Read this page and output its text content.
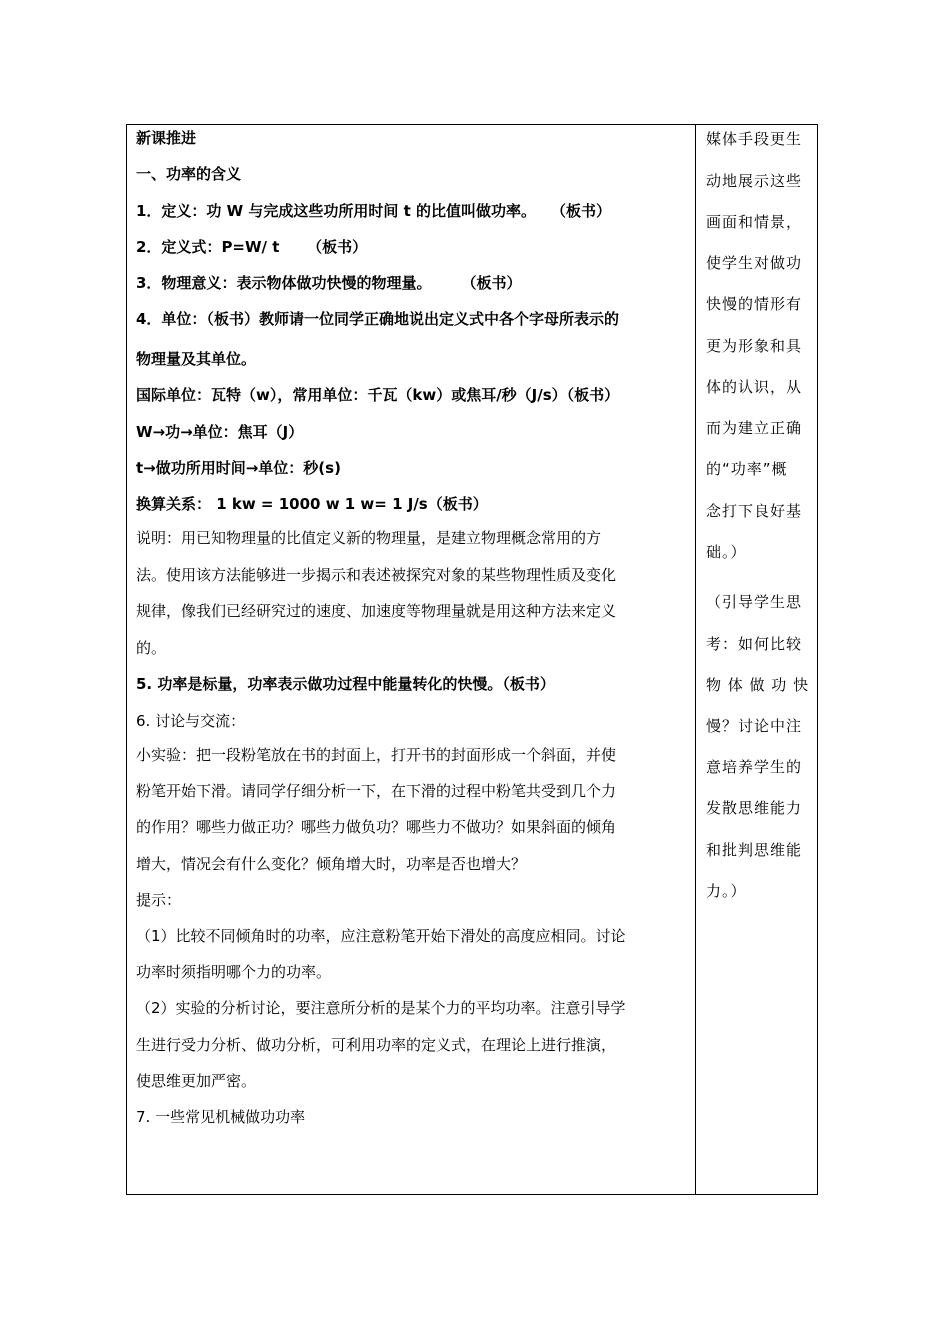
新课推进
一、功率的含义
1．定义：功 W 与完成这些功所用时间 t 的比值叫做功率。　　（板书）
2．定义式：P=W/ t 　　（板书）
3．物理意义：表示物体做功快慢的物理量。　　　（板书）
4．单位：（板书）教师请一位同学正确地说出定义式中各个字母所表示的
物理量及其单位。
国际单位：瓦特（w），常用单位：千瓦（kw）或焦耳/秒（J/s）（板书）
W→功→单位：焦耳（J）
t→做功所用时间→单位：秒(s)
换算关系： 1 kw = 1000 w 1 w= 1 J/s（板书）
说明：用已知物理量的比值定义新的物理量，是建立物理概念常用的方
法。使用该方法能够进一步揭示和表述被探究对象的某些物理性质及变化
规律，像我们已经研究过的速度、加速度等物理量就是用这种方法来定义
的。
5. 功率是标量，功率表示做功过程中能量转化的快慢。（板书）
6. 讨论与交流：
小实验：把一段粉笔放在书的封面上，打开书的封面形成一个斜面，并使
粉笔开始下滑。请同学仔细分析一下，在下滑的过程中粉笔共受到几个力
的作用？哪些力做正功？哪些力做负功？哪些力不做功？如果斜面的倾角
增大，情况会有什么变化？倾角增大时，功率是否也增大？
提示：
（1）比较不同倾角时的功率，应注意粉笔开始下滑处的高度应相同。讨论
功率时须指明哪个力的功率。
（2）实验的分析讨论，要注意所分析的是某个力的平均功率。注意引导学
生进行受力分析、做功分析，可利用功率的定义式，在理论上进行推演，
使思维更加严密。
7. 一些常见机械做功功率
媒体手段更生
动地展示这些
画面和情景，
使学生对做功
快慢的情形有
更为形象和具
体的认识，从
而为建立正确
的“功率”概
念打下良好基
础。）
（引导学生思
考：如何比较
物 体 做 功 快
慢？讨论中注
意培养学生的
发散思维能力
和批判思维能
力。）
